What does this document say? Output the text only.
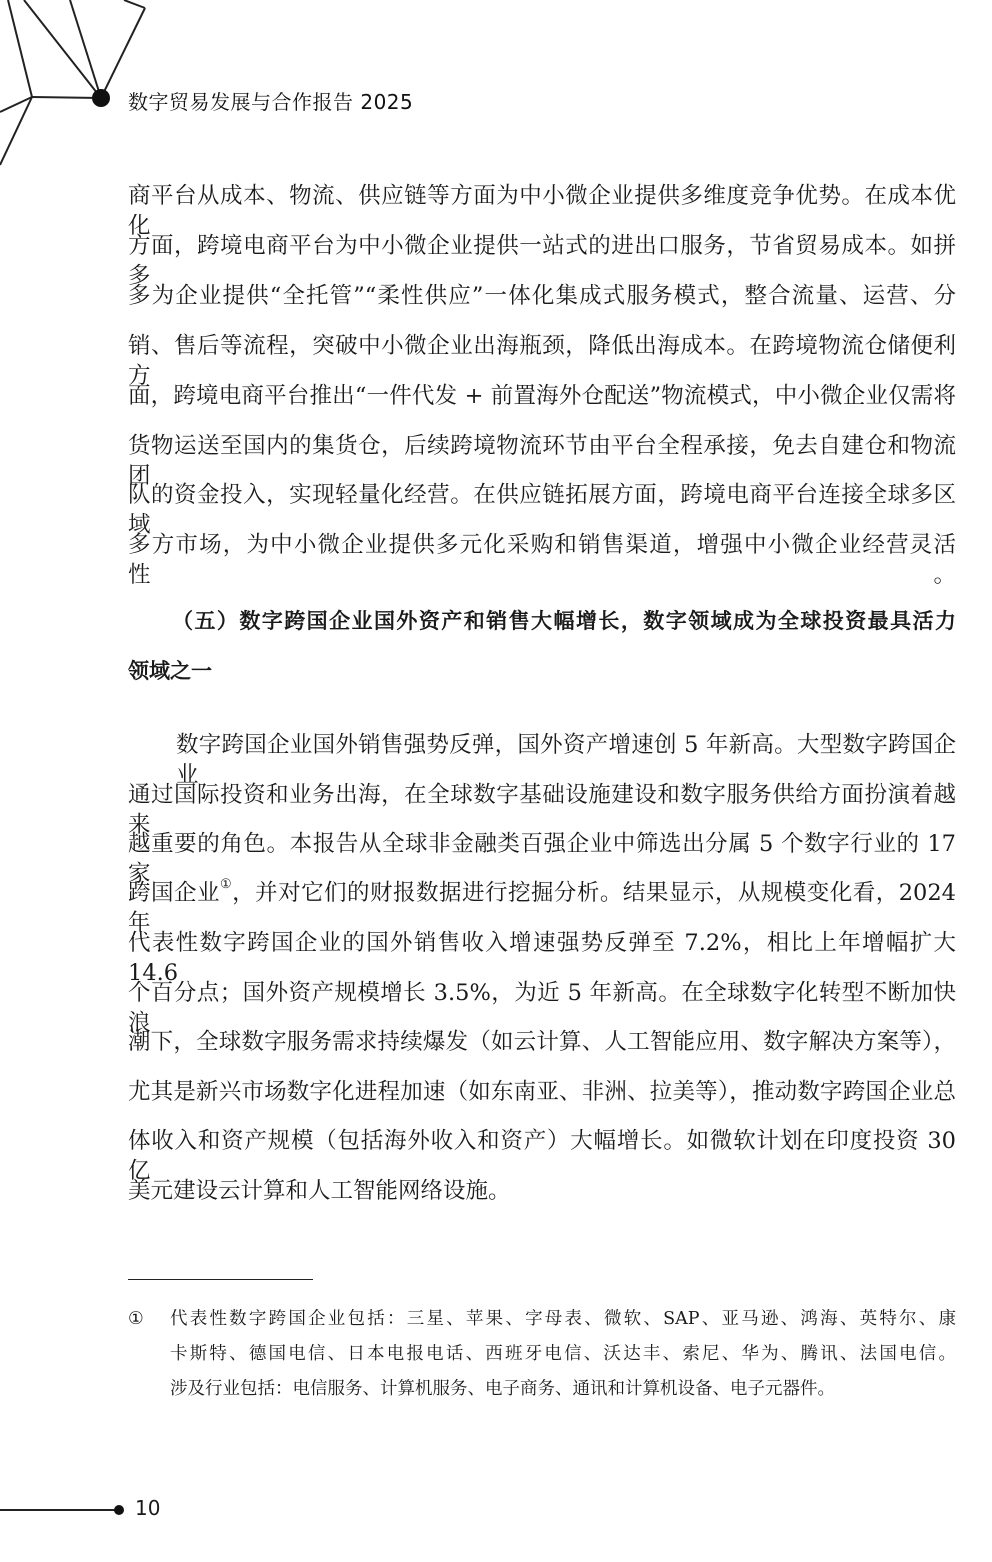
数字贸易发展与合作报告 2025
商平台从成本、物流、供应链等方面为中小微企业提供多维度竞争优势。在成本优化
方面，跨境电商平台为中小微企业提供一站式的进出口服务，节省贸易成本。如拼多
多为企业提供“全托管”“柔性供应”一体化集成式服务模式，整合流量、运营、分
销、售后等流程，突破中小微企业出海瓶颈，降低出海成本。在跨境物流仓储便利方
面，跨境电商平台推出“一件代发 + 前置海外仓配送”物流模式，中小微企业仅需将
货物运送至国内的集货仓，后续跨境物流环节由平台全程承接，免去自建仓和物流团
队的资金投入，实现轻量化经营。在供应链拓展方面，跨境电商平台连接全球多区域
多方市场，为中小微企业提供多元化采购和销售渠道，增强中小微企业经营灵活性。
（五）数字跨国企业国外资产和销售大幅增长，数字领域成为全球投资最具活力
领域之一
数字跨国企业国外销售强势反弹，国外资产增速创 5 年新高。大型数字跨国企业
通过国际投资和业务出海，在全球数字基础设施建设和数字服务供给方面扮演着越来
越重要的角色。本报告从全球非金融类百强企业中筛选出分属 5 个数字行业的 17 家
跨国企业①，并对它们的财报数据进行挖掘分析。结果显示，从规模变化看，2024 年
代表性数字跨国企业的国外销售收入增速强势反弹至 7.2%，相比上年增幅扩大 14.6
个百分点；国外资产规模增长 3.5%，为近 5 年新高。在全球数字化转型不断加快浪
潮下，全球数字服务需求持续爆发（如云计算、人工智能应用、数字解决方案等），
尤其是新兴市场数字化进程加速（如东南亚、非洲、拉美等），推动数字跨国企业总
体收入和资产规模（包括海外收入和资产）大幅增长。如微软计划在印度投资 30 亿
美元建设云计算和人工智能网络设施。
① 代表性数字跨国企业包括：三星、苹果、字母表、微软、SAP、亚马逊、鸿海、英特尔、康
卡斯特、德国电信、日本电报电话、西班牙电信、沃达丰、索尼、华为、腾讯、法国电信。
涉及行业包括：电信服务、计算机服务、电子商务、通讯和计算机设备、电子元器件。
10
